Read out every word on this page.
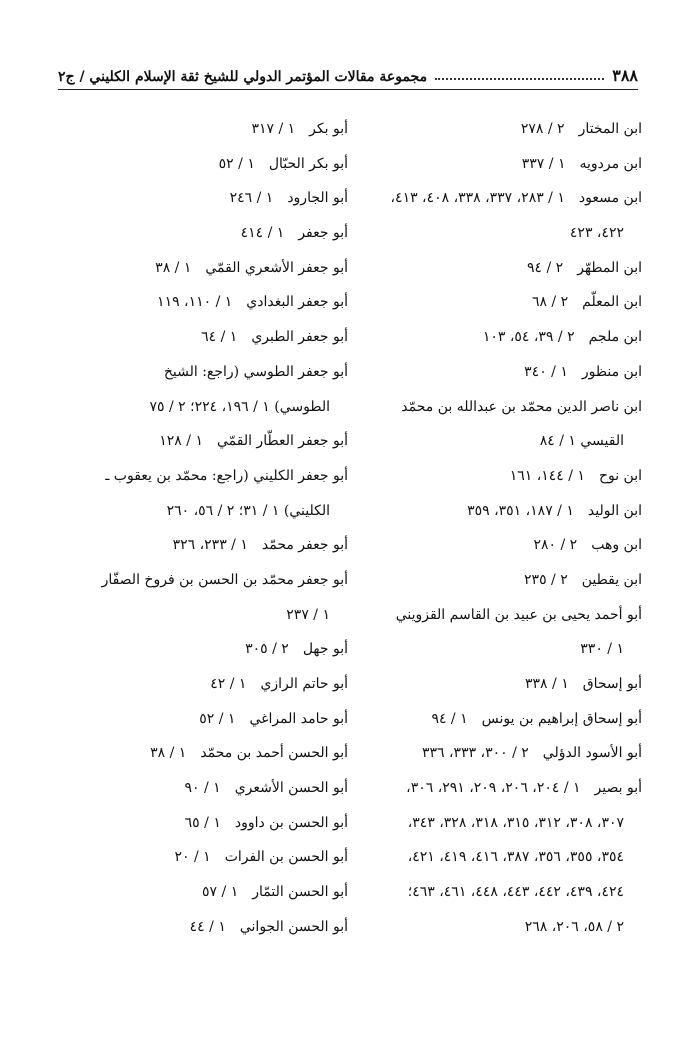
٣٨٨
مجموعة مقالات المؤتمر الدولي للشيخ ثقة الإسلام الكليني / ج٢
ابن المختار٢ / ٢٧٨
ابن مردويه١ / ٣٣٧
ابن مسعود١ / ٢٨٣، ٣٣٧، ٣٣٨، ٤٠٨، ٤١٣،
٤٢٢، ٤٢٣
ابن المطهّر٢ / ٩٤
ابن المعلّم٢ / ٦٨
ابن ملجم٢ / ٣٩، ٥٤، ١٠٣
ابن منظور١ / ٣٤٠
ابن ناصر الدين محمّد بن عبدالله بن محمّد
القيسي ١ / ٨٤
ابن نوح١ / ١٤٤، ١٦١
ابن الوليد١ / ١٨٧، ٣٥١، ٣٥٩
ابن وهب٢ / ٢٨٠
ابن يقطين٢ / ٢٣٥
أبو أحمد يحيى بن عبيد بن القاسم القزويني
١ / ٣٣٠
أبو إسحاق١ / ٣٣٨
أبو إسحاق إبراهيم بن يونس١ / ٩٤
أبو الأسود الدؤلي٢ / ٣٠٠، ٣٣٣، ٣٣٦
أبو بصير١ / ٢٠٤، ٢٠٦، ٢٠٩، ٢٩١، ٣٠٦،
٣٠٧، ٣٠٨، ٣١٢، ٣١٥، ٣١٨، ٣٢٨، ٣٤٣،
٣٥٤، ٣٥٥، ٣٥٦، ٣٨٧، ٤١٦، ٤١٩، ٤٢١،
٤٢٤، ٤٣٩، ٤٤٢، ٤٤٣، ٤٤٨، ٤٦١، ٤٦٣؛
٢ / ٥٨، ٢٠٦، ٢٦٨
أبو بكر١ / ٣١٧
أبو بكر الحبّال١ / ٥٢
أبو الجارود١ / ٢٤٦
أبو جعفر١ / ٤١٤
أبو جعفر الأشعري القمّي١ / ٣٨
أبو جعفر البغدادي١ / ١١٠، ١١٩
أبو جعفر الطبري١ / ٦٤
أبو جعفر الطوسي (راجع: الشيخ
الطوسي) ١ / ١٩٦، ٢٢٤؛ ٢ / ٧٥
أبو جعفر العطّار القمّي١ / ١٢٨
أبو جعفر الكليني (راجع: محمّد بن يعقوب ـ
الكليني) ١ / ٣١؛ ٢ / ٥٦، ٢٦٠
أبو جعفر محمّد١ / ٢٣٣، ٣٢٦
أبو جعفر محمّد بن الحسن بن فروخ الصفّار
١ / ٢٣٧
أبو جهل٢ / ٣٠٥
أبو حاتم الرازي١ / ٤٢
أبو حامد المراغي١ / ٥٢
أبو الحسن أحمد بن محمّد١ / ٣٨
أبو الحسن الأشعري١ / ٩٠
أبو الحسن بن داوود١ / ٦٥
أبو الحسن بن الفرات١ / ٢٠
أبو الحسن التمّار١ / ٥٧
أبو الحسن الجواني١ / ٤٤
